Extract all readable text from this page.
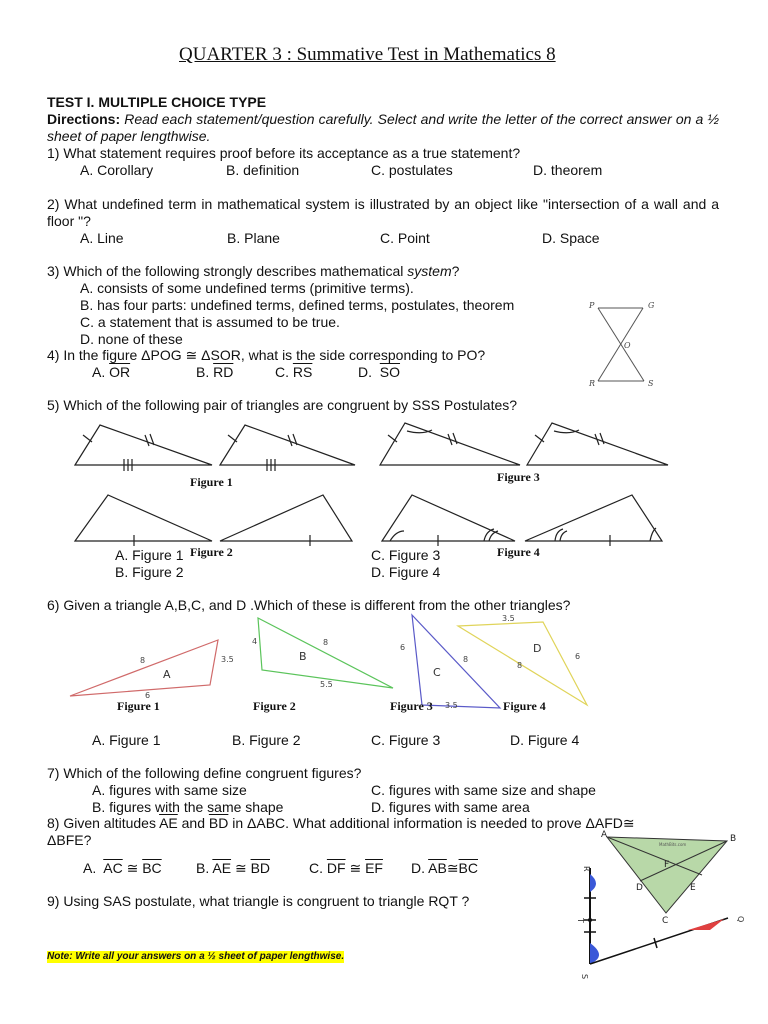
QUARTER 3 : Summative Test in Mathematics 8
TEST I. MULTIPLE CHOICE TYPE
Directions: Read each statement/question carefully. Select and write the letter of the correct answer on a ½ sheet of paper lengthwise.
1) What statement requires proof before its acceptance as a true statement?
A. Corollary	B. definition	C. postulates	D. theorem
2) What undefined term in mathematical system is illustrated by an object like "intersection of a wall and a floor "?
A. Line	B. Plane	C. Point	D. Space
3) Which of the following strongly describes mathematical system?
A. consists of some undefined terms (primitive terms).
B. has four parts: undefined terms, defined terms, postulates, theorem
C. a statement that is assumed to be true.
D. none of these
4) In the figure ΔPOG ≅ ΔSOR, what is the side corresponding to PO?
A. $\overline{OR}$	B. $\overline{RD}$	C. $\overline{RS}$	D. $\overline{SO}$
P	G
O
R	S
5) Which of the following pair of triangles are congruent by SSS Postulates?
Figure 1	Figure 3
A. Figure 1 Figure 2	C. Figure 3	Figure 4
B. Figure 2	D. Figure 4
6) Given a triangle A,B,C, and D .Which of these is different from the other triangles?
8	3.5
6
4	8
5.5
6
8
3.5
3.5
6
8
A
B
C
D
Figure 1	Figure 2	Figure 3	Figure 4
A. Figure 1	B. Figure 2	C. Figure 3	D. Figure 4
7) Which of the following define congruent figures?
A. figures with same size	C. figures with same size and shape
B. figures with the same shape	D. figures with same area
8) Given altitudes $\overline{AE}$ and $\overline{BD}$ in ΔABC. What additional information is needed to prove ΔAFD≅
ΔBFE?
A. $\overline{AC}$ ≅ $\overline{BC}$ B. $\overline{AE}$ ≅ $\overline{BD}$	C. $\overline{DF}$ ≅ $\overline{EF}$ D. $\overline{AB}≅\overline{BC}$
MathBits.com
A	B
F
D	E
C
9) Using SAS postulate, what triangle is congruent to triangle RQT ?
R
T
S
Q
Note: Write all your answers on a ½ sheet of paper lengthwise.
